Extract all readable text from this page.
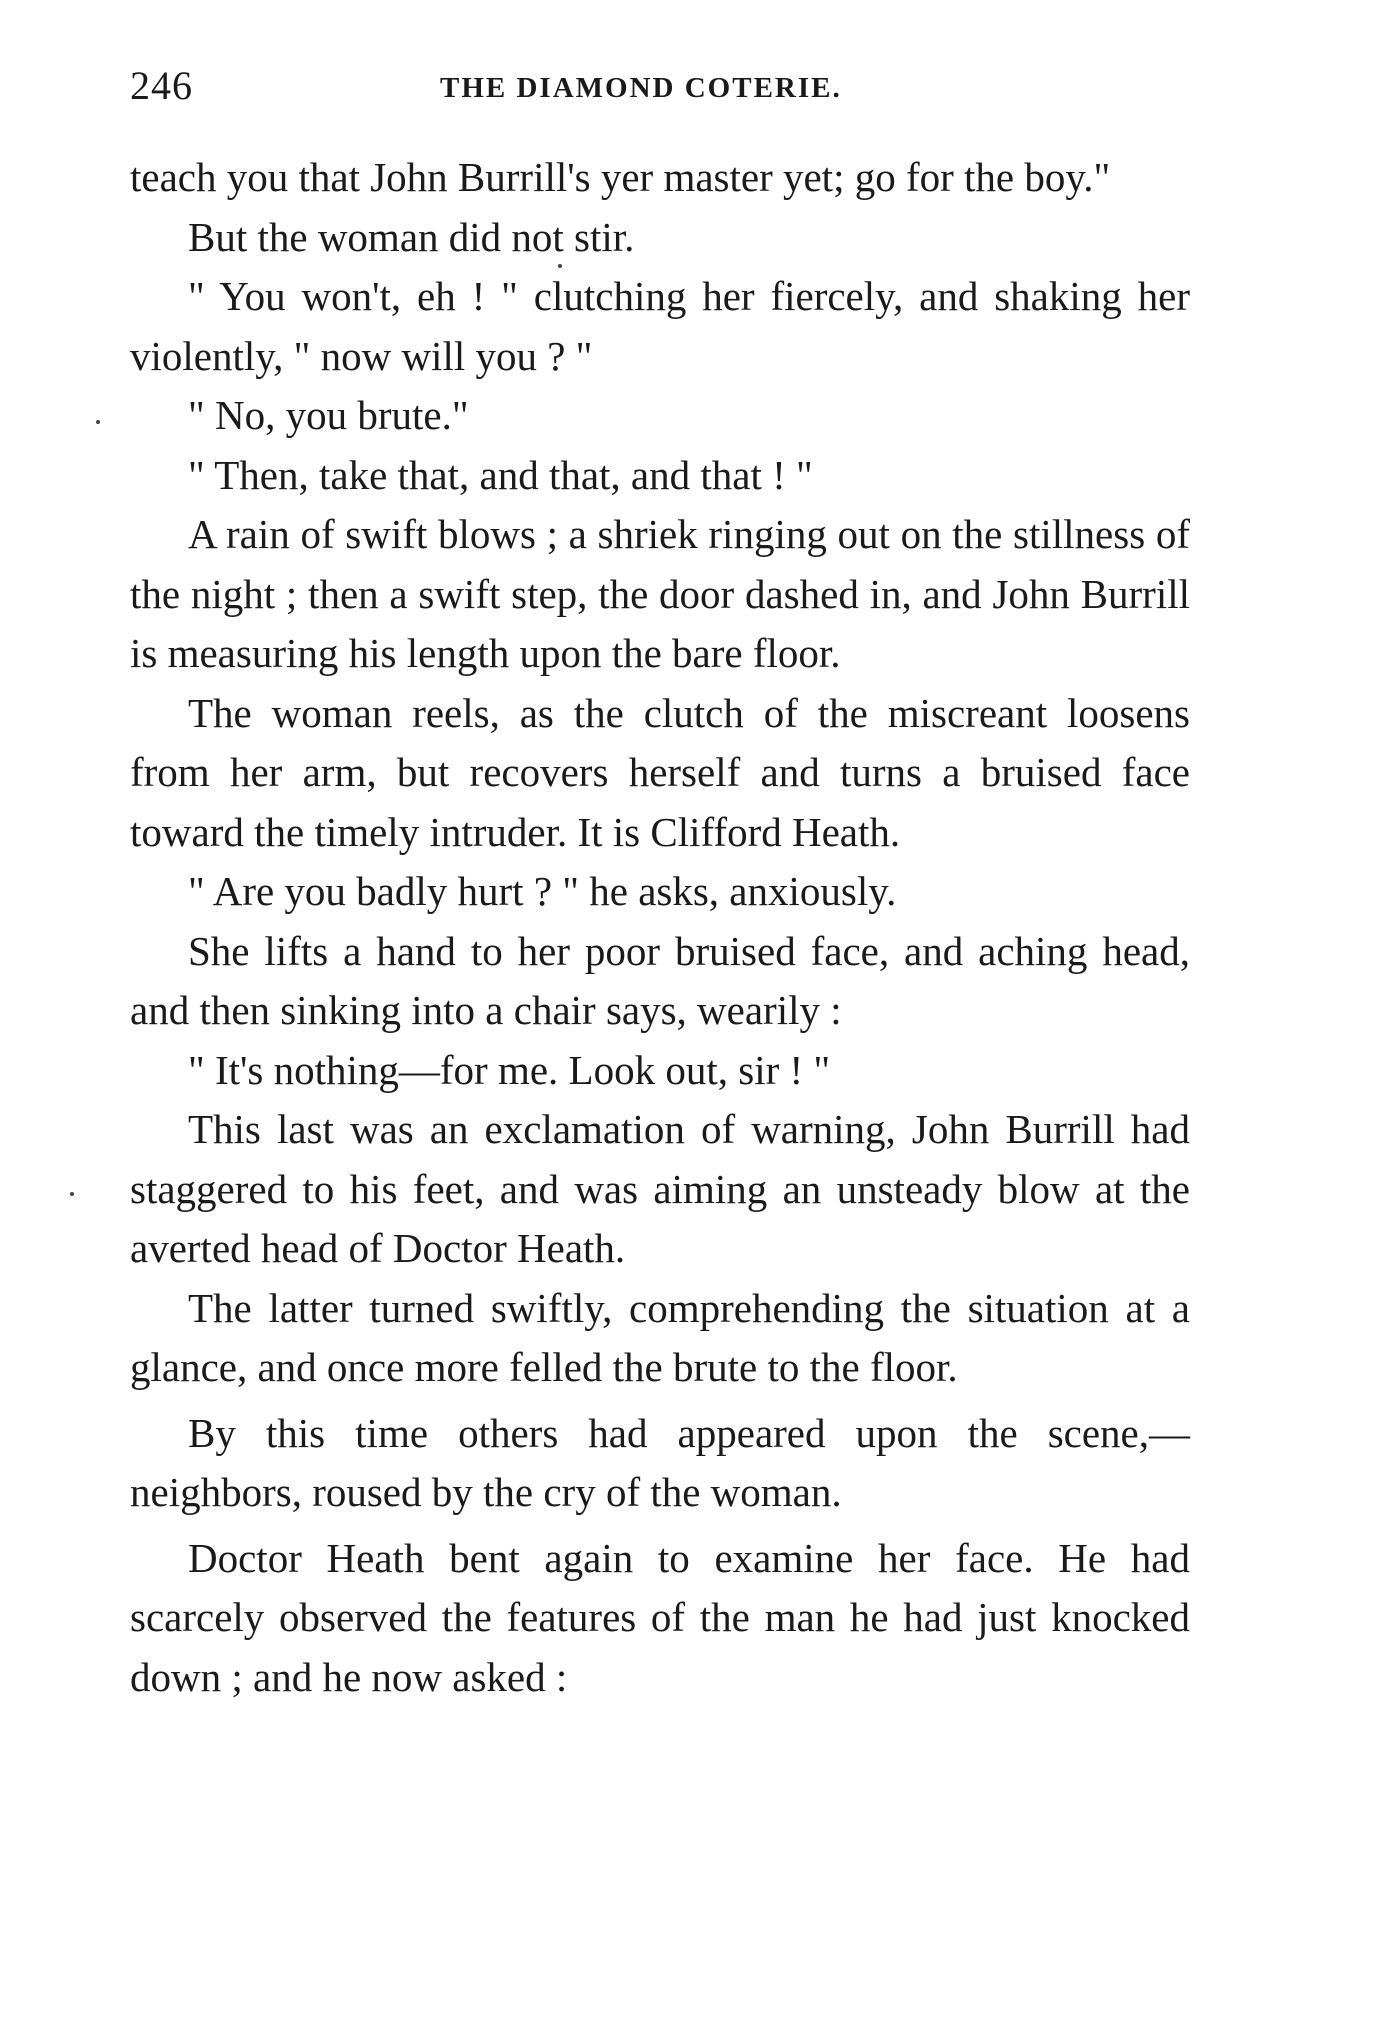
246	THE DIAMOND COTERIE.

teach you that John Burrill's yer master yet; go for the boy."

But the woman did not stir.

" You won't, eh ! " clutching her fiercely, and shaking her violently, " now will you ? "

" No, you brute."

" Then, take that, and that, and that ! "

A rain of swift blows ; a shriek ringing out on the stillness of the night ; then a swift step, the door dashed in, and John Burrill is measuring his length upon the bare floor.

The woman reels, as the clutch of the miscreant loosens from her arm, but recovers herself and turns a bruised face toward the timely intruder. It is Clifford Heath.

" Are you badly hurt ? " he asks, anxiously.

She lifts a hand to her poor bruised face, and aching head, and then sinking into a chair says, wearily :

" It's nothing—for me. Look out, sir ! "

This last was an exclamation of warning, John Burrill had staggered to his feet, and was aiming an unsteady blow at the averted head of Doctor Heath.

The latter turned swiftly, comprehending the situation at a glance, and once more felled the brute to the floor.

By this time others had appeared upon the scene,—neighbors, roused by the cry of the woman.

Doctor Heath bent again to examine her face. He had scarcely observed the features of the man he had just knocked down ; and he now asked :
